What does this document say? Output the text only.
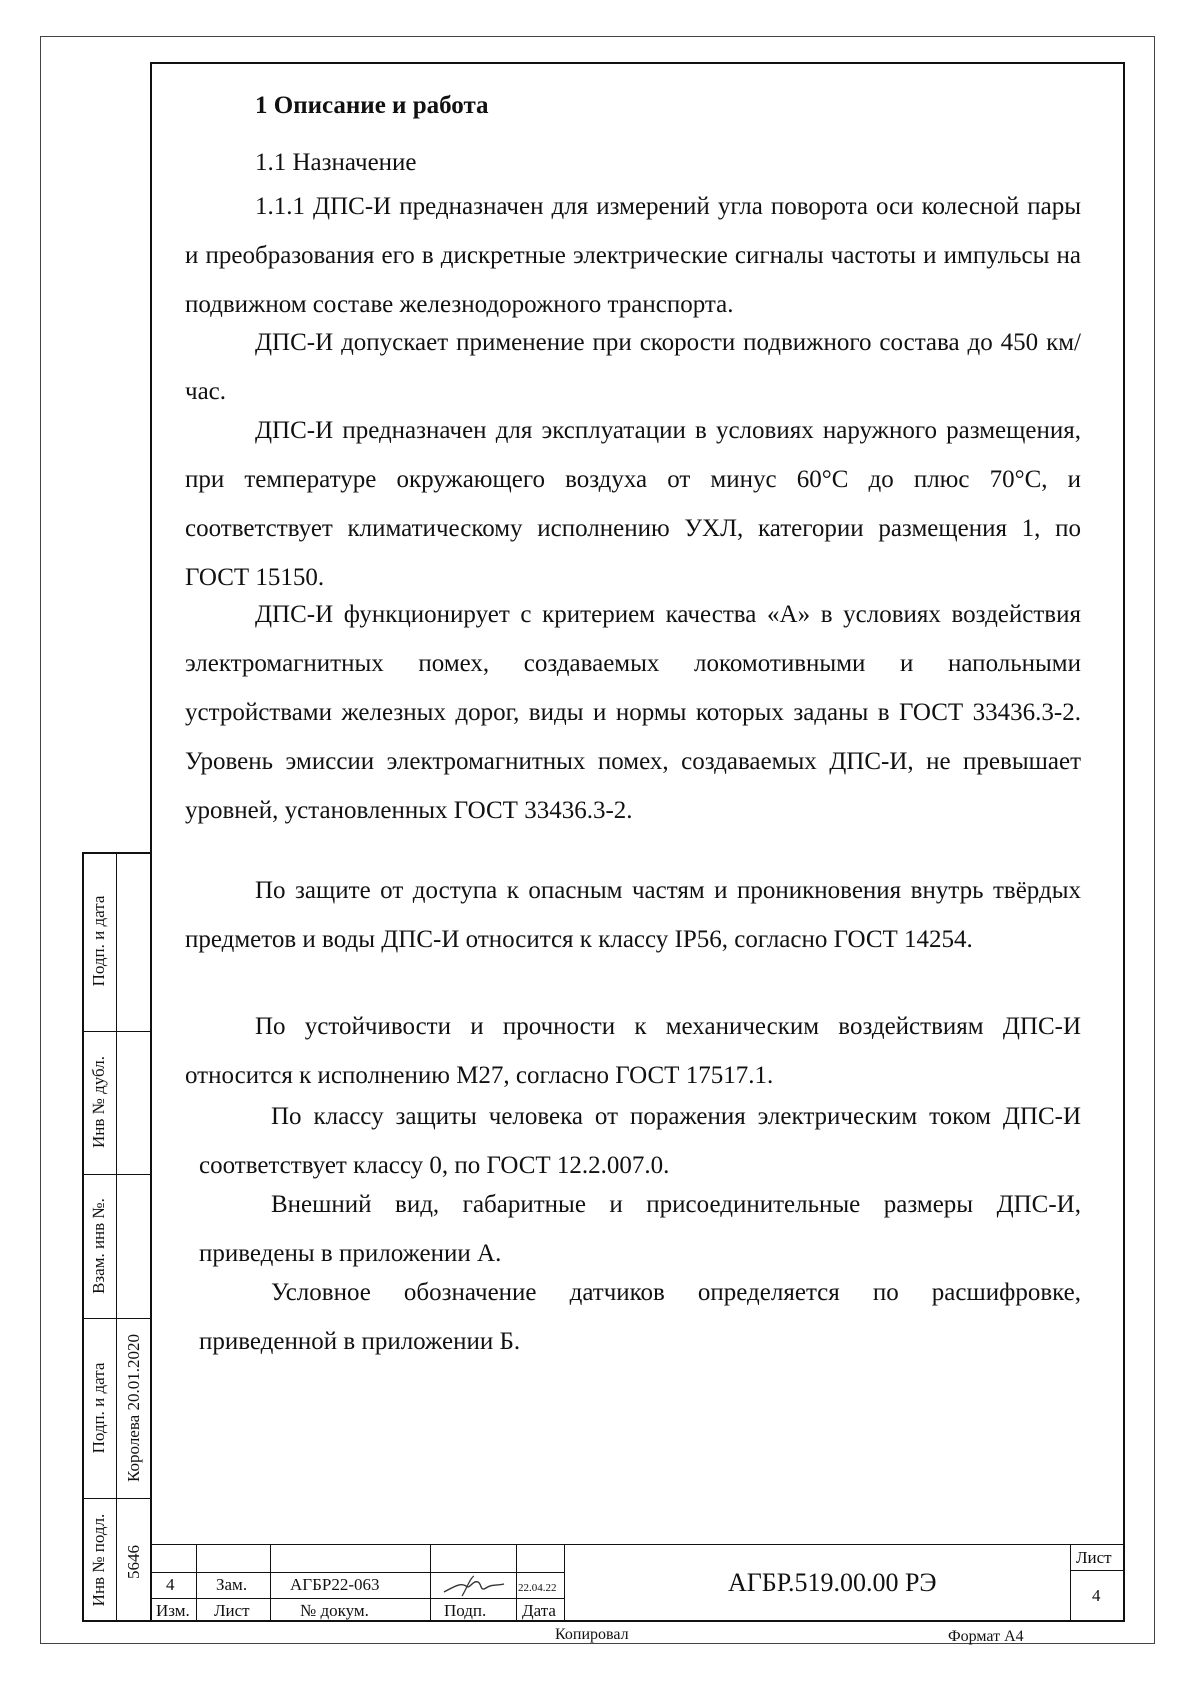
1 Описание и работа
1.1 Назначение

1.1.1 ДПС-И предназначен для измерений угла поворота оси колесной пары и преобразования его в дискретные электрические сигналы частоты и импульсы на подвижном составе железнодорожного транспорта.

ДПС-И допускает применение при скорости подвижного состава до 450 км/час.

ДПС-И предназначен для эксплуатации в условиях наружного размещения, при температуре окружающего воздуха от минус 60°С до плюс 70°С, и соответствует климатическому исполнению УХЛ, категории размещения 1, по ГОСТ 15150.

ДПС-И функционирует с критерием качества «А» в условиях воздействия электромагнитных помех, создаваемых локомотивными и напольными устройствами железных дорог, виды и нормы которых заданы в ГОСТ 33436.3-2. Уровень эмиссии электромагнитных помех, создаваемых ДПС-И, не превышает уровней, установленных ГОСТ 33436.3-2.

По защите от доступа к опасным частям и проникновения внутрь твёрдых предметов и воды ДПС-И относится к классу IP56, согласно ГОСТ 14254.

По устойчивости и прочности к механическим воздействиям ДПС-И относится к исполнению М27, согласно ГОСТ 17517.1.

По классу защиты человека от поражения электрическим током ДПС-И соответствует классу 0, по ГОСТ 12.2.007.0.

Внешний вид, габаритные и присоединительные размеры ДПС-И, приведены в приложении А.

Условное обозначение датчиков определяется по расшифровке, приведенной в приложении Б.

Подп. и дата
Инв № дубл.
Взам. инв №.
Подп. и дата Королева 20.01.2020
Инв № подл. 5646
4 Зам.	АГБР22-063	22.04.22
Изм. Лист	№ докум.	Подп. Дата
АГБР.519.00.00 РЭ
Лист
4
Копировал	Формат А4
